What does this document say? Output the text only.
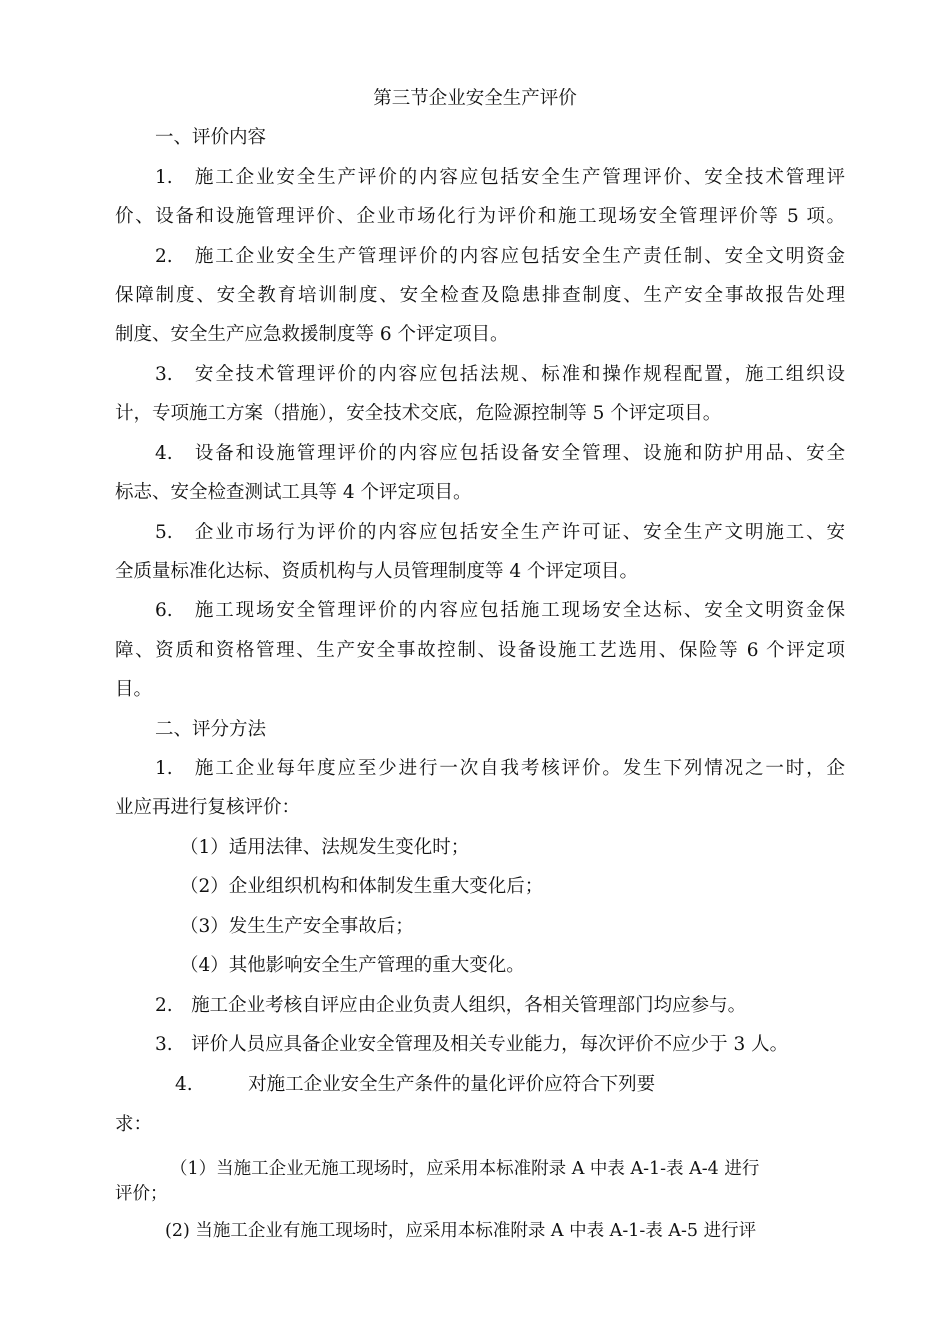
第三节企业安全生产评价
一、评价内容
1.　施工企业安全生产评价的内容应包括安全生产管理评价、安全技术管理评
价、设备和设施管理评价、企业市场化行为评价和施工现场安全管理评价等 5 项。
2.　施工企业安全生产管理评价的内容应包括安全生产责任制、安全文明资金
保障制度、安全教育培训制度、安全检查及隐患排查制度、生产安全事故报告处理
制度、安全生产应急救援制度等 6 个评定项目。
3.　安全技术管理评价的内容应包括法规、标准和操作规程配置，施工组织设
计，专项施工方案（措施），安全技术交底，危险源控制等 5 个评定项目。
4.　设备和设施管理评价的内容应包括设备安全管理、设施和防护用品、安全
标志、安全检查测试工具等 4 个评定项目。
5.　企业市场行为评价的内容应包括安全生产许可证、安全生产文明施工、安
全质量标准化达标、资质机构与人员管理制度等 4 个评定项目。
6.　施工现场安全管理评价的内容应包括施工现场安全达标、安全文明资金保
障、资质和资格管理、生产安全事故控制、设备设施工艺选用、保险等 6 个评定项
目。
二、评分方法
1.　施工企业每年度应至少进行一次自我考核评价。发生下列情况之一时，企
业应再进行复核评价：
（1）适用法律、法规发生变化时；
（2）企业组织机构和体制发生重大变化后；
（3）发生生产安全事故后；
（4）其他影响安全生产管理的重大变化。
2.　施工企业考核自评应由企业负责人组织，各相关管理部门均应参与。
3.　评价人员应具备企业安全管理及相关专业能力，每次评价不应少于 3 人。
4.　　　对施工企业安全生产条件的量化评价应符合下列要
求：
（1）当施工企业无施工现场时，应采用本标准附录 A 中表 A-1-表 A-4 进行
评价；
(2) 当施工企业有施工现场时，应采用本标准附录 A 中表 A-1-表 A-5 进行评
